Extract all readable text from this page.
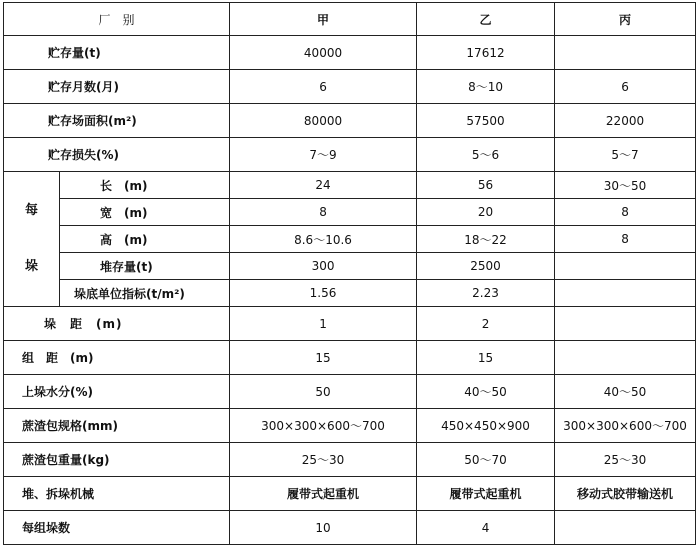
厂　别		甲	乙	丙
贮存量(t)		40000	17612	
贮存月数(月)		6	8～10	6
贮存场面积(m²)		80000	57500	22000
贮存损失(%)		7～9	5～6	5～7

每
垛	长　(m)	24	56	30～50
	宽　(m)	8	20	8
	高　(m)	8.6～10.6	18～22	8
	堆存量(t)	300	2500	
	垛底单位指标(t/m²)	1.56	2.23	
垛　距　(m)		1	2	
组　距　(m)		15	15	
上垛水分(%)		50	40～50	40～50
蔗渣包规格(mm)		300×300×600～700	450×450×900	300×300×600～700
蔗渣包重量(kg)		25～30	50～70	25～30
堆、拆垛机械		履带式起重机	履带式起重机	移动式胶带输送机
每组垛数		10	4	
